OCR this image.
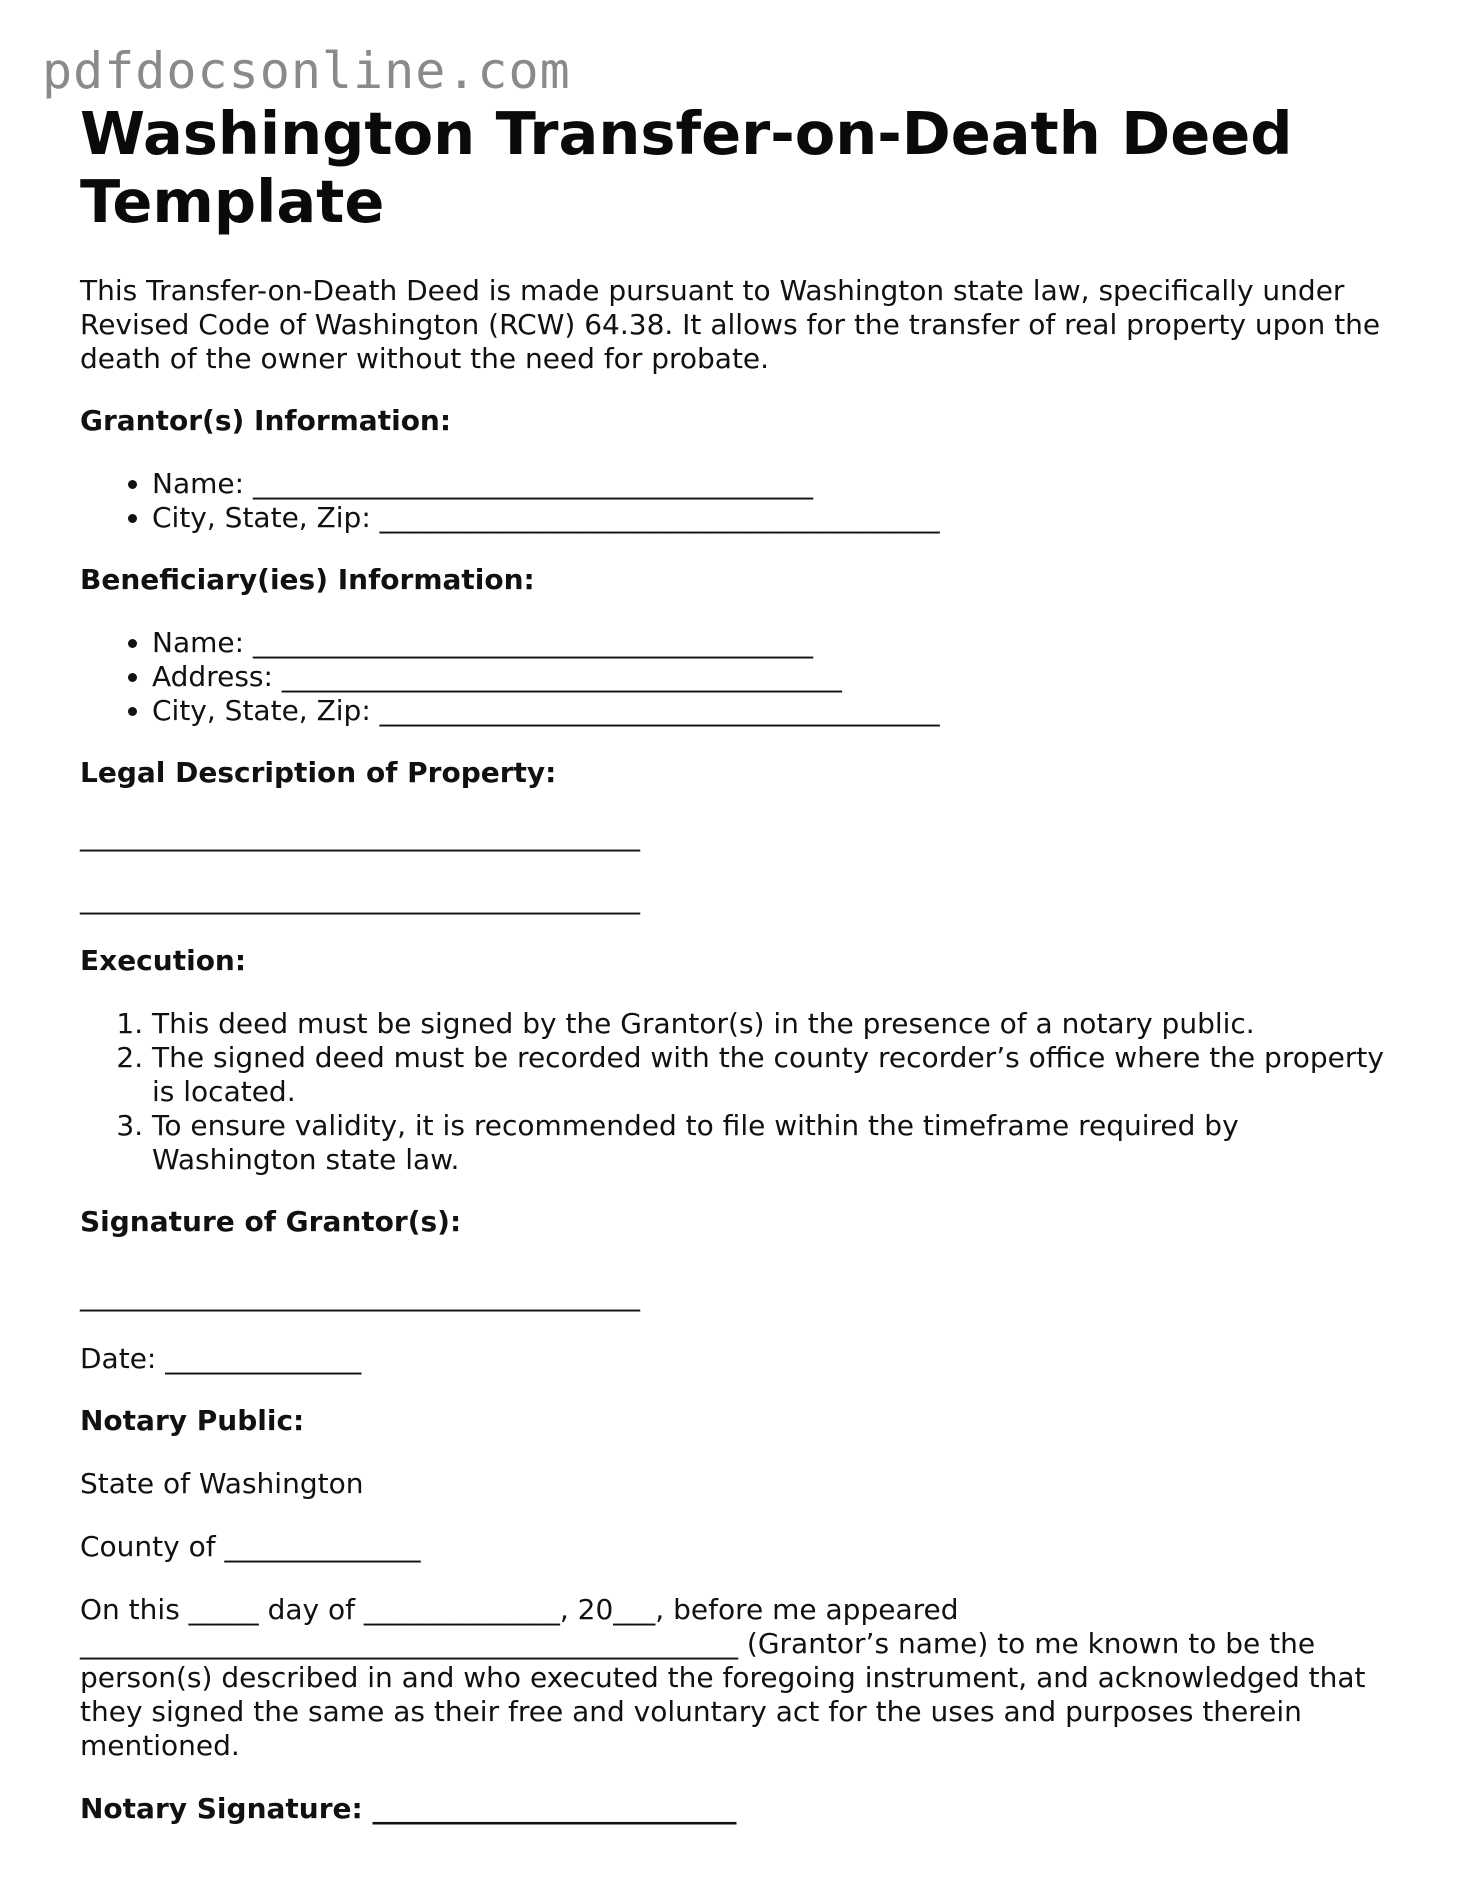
pdfdocsonline.com
Washington Transfer-on-Death Deed Template

This Transfer-on-Death Deed is made pursuant to Washington state law, specifically under Revised Code of Washington (RCW) 64.38. It allows for the transfer of real property upon the death of the owner without the need for probate.

Grantor(s) Information:
• Name: ________________________________________
• City, State, Zip: ________________________________________
Beneficiary(ies) Information:
• Name: ________________________________________
• Address: ________________________________________
• City, State, Zip: ________________________________________
Legal Description of Property:
________________________________________
________________________________________
Execution:
1. This deed must be signed by the Grantor(s) in the presence of a notary public.
2. The signed deed must be recorded with the county recorder’s office where the property is located.
3. To ensure validity, it is recommended to file within the timeframe required by Washington state law.
Signature of Grantor(s):
________________________________________
Date: ______________
Notary Public:
State of Washington
County of ______________
On this _____ day of ______________, 20___, before me appeared _______________________________________________ (Grantor’s name) to me known to be the person(s) described in and who executed the foregoing instrument, and acknowledged that they signed the same as their free and voluntary act for the uses and purposes therein mentioned.
Notary Signature: __________________________
